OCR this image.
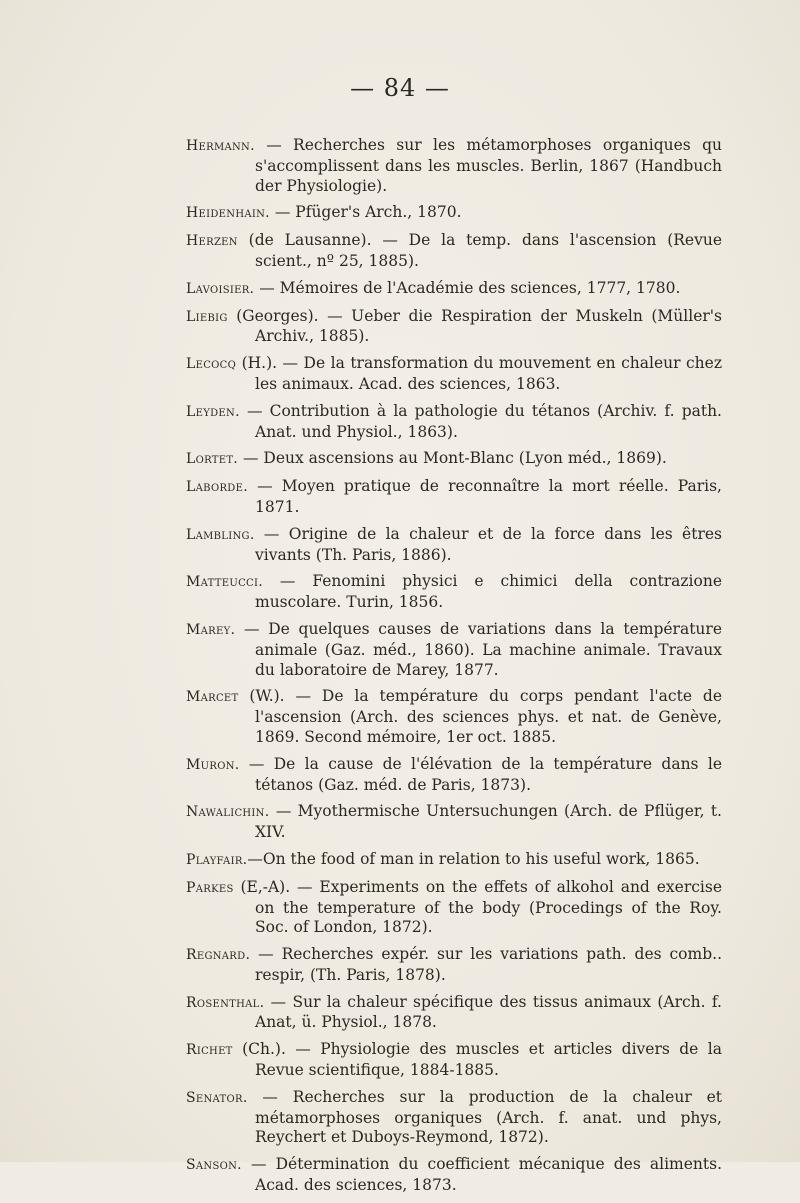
— 84 —

Hermann. — Recherches sur les métamorphoses organiques qu s'accomplissent dans les muscles. Berlin, 1867 (Handbuch der Physiologie).

Heidenhain. — Pfüger's Arch., 1870.

Herzen (de Lausanne). — De la temp. dans l'ascension (Revue scient., nº 25, 1885).

Lavoisier. — Mémoires de l'Académie des sciences, 1777, 1780.

Liebig (Georges). — Ueber die Respiration der Muskeln (Müller's Archiv., 1885).

Lecocq (H.). — De la transformation du mouvement en chaleur chez les animaux. Acad. des sciences, 1863.

Leyden. — Contribution à la pathologie du tétanos (Archiv. f. path. Anat. und Physiol., 1863).

Lortet. — Deux ascensions au Mont-Blanc (Lyon méd., 1869).

Laborde. — Moyen pratique de reconnaître la mort réelle. Paris, 1871.

Lambling. — Origine de la chaleur et de la force dans les êtres vivants (Th. Paris, 1886).

Matteucci. — Fenomini physici e chimici della contrazione muscolare. Turin, 1856.

Marey. — De quelques causes de variations dans la température animale (Gaz. méd., 1860). La machine animale. Travaux du laboratoire de Marey, 1877.

Marcet (W.). — De la température du corps pendant l'acte de l'ascension (Arch. des sciences phys. et nat. de Genève, 1869. Second mémoire, 1er oct. 1885.

Muron. — De la cause de l'élévation de la température dans le tétanos (Gaz. méd. de Paris, 1873).

Nawalichin. — Myothermische Untersuchungen (Arch. de Pflüger, t. XIV.

Playfair.—On the food of man in relation to his useful work, 1865.

Parkes (E,-A). — Experiments on the effets of alkohol and exercise on the temperature of the body (Procedings of the Roy. Soc. of London, 1872).

Regnard. — Recherches expér. sur les variations path. des comb.. respir, (Th. Paris, 1878).

Rosenthal. — Sur la chaleur spécifique des tissus animaux (Arch. f. Anat, ü. Physiol., 1878.

Richet (Ch.). — Physiologie des muscles et articles divers de la Revue scientifique, 1884-1885.

Senator. — Recherches sur la production de la chaleur et métamorphoses organiques (Arch. f. anat. und phys, Reychert et Duboys-Reymond, 1872).

Sanson. — Détermination du coefficient mécanique des aliments. Acad. des sciences, 1873.
